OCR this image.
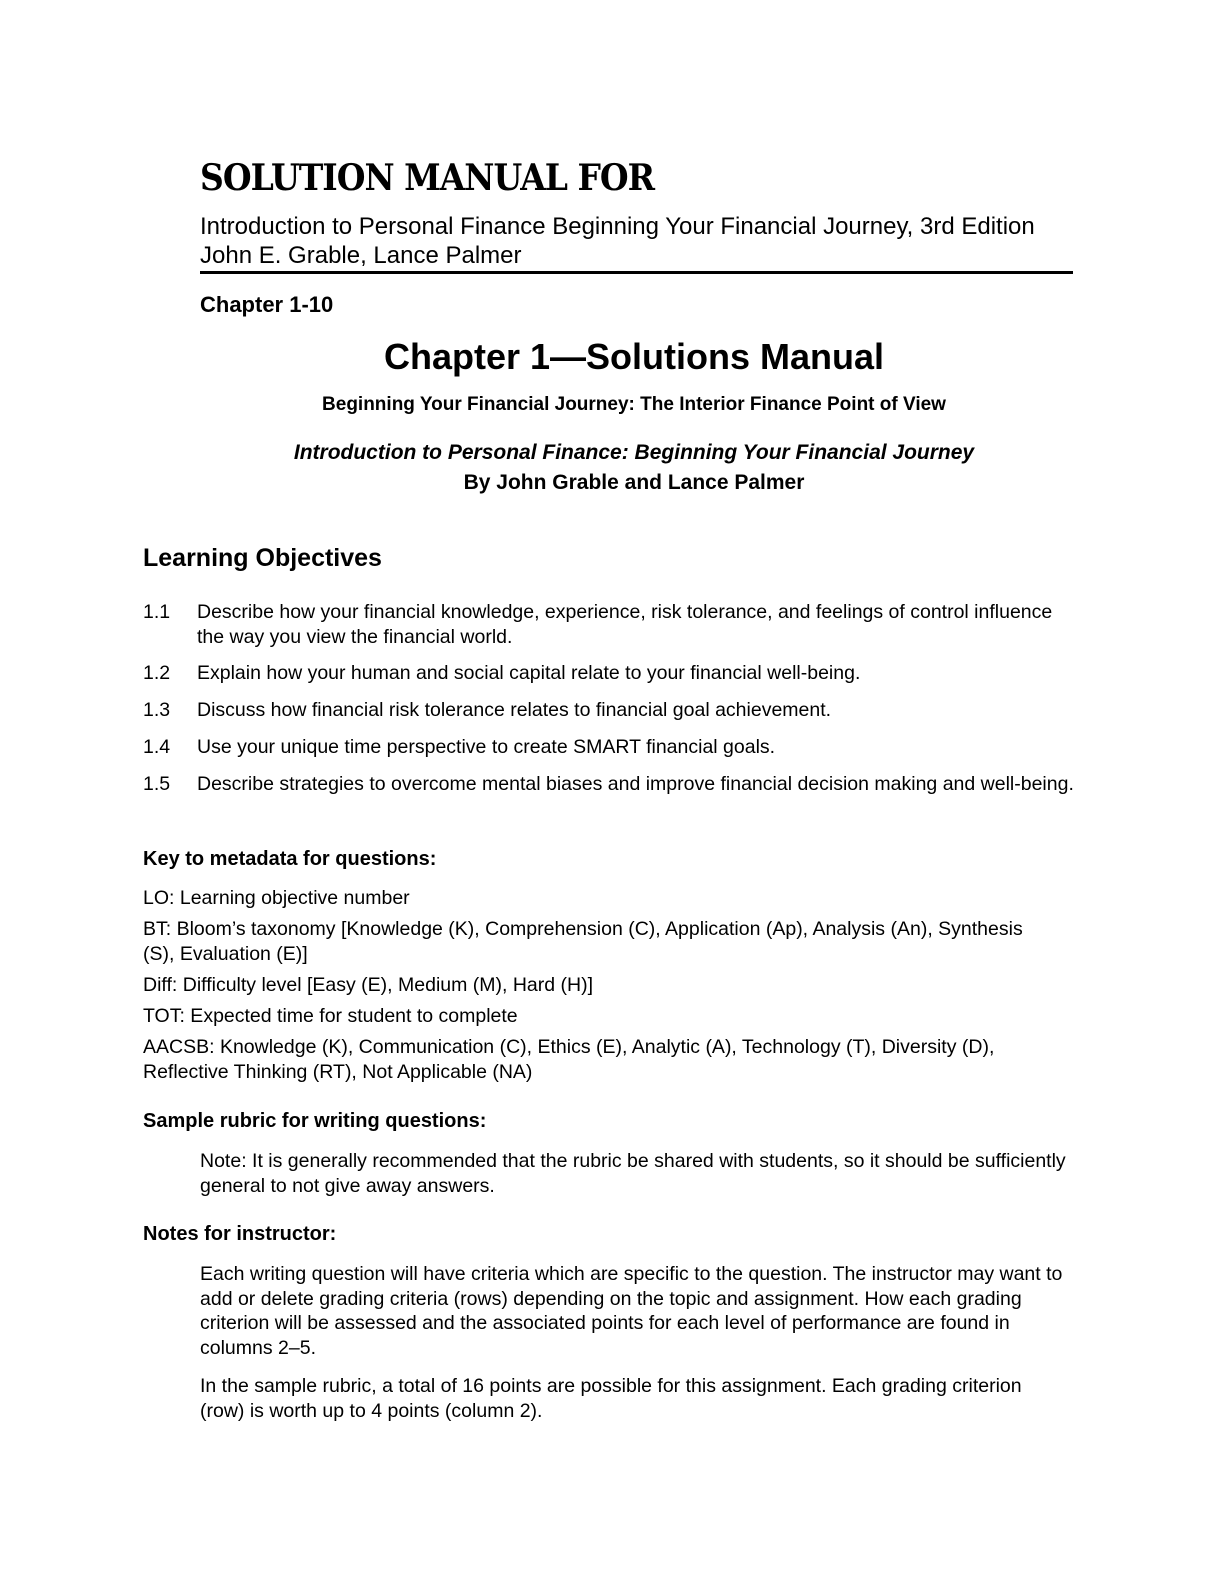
SOLUTION MANUAL FOR

Introduction to Personal Finance Beginning Your Financial Journey, 3rd Edition John E. Grable, Lance Palmer

Chapter 1-10
Chapter 1—Solutions Manual
Beginning Your Financial Journey: The Interior Finance Point of View
Introduction to Personal Finance: Beginning Your Financial Journey
By John Grable and Lance Palmer
Learning Objectives
1.1 Describe how your financial knowledge, experience, risk tolerance, and feelings of control influence the way you view the financial world.
1.2 Explain how your human and social capital relate to your financial well-being.
1.3 Discuss how financial risk tolerance relates to financial goal achievement.
1.4 Use your unique time perspective to create SMART financial goals.
1.5 Describe strategies to overcome mental biases and improve financial decision making and well-being.
Key to metadata for questions:
LO: Learning objective number
BT: Bloom’s taxonomy [Knowledge (K), Comprehension (C), Application (Ap), Analysis (An), Synthesis (S), Evaluation (E)]
Diff: Difficulty level [Easy (E), Medium (M), Hard (H)]
TOT: Expected time for student to complete
AACSB: Knowledge (K), Communication (C), Ethics (E), Analytic (A), Technology (T), Diversity (D), Reflective Thinking (RT), Not Applicable (NA)
Sample rubric for writing questions:
Note: It is generally recommended that the rubric be shared with students, so it should be sufficiently general to not give away answers.
Notes for instructor:
Each writing question will have criteria which are specific to the question. The instructor may want to add or delete grading criteria (rows) depending on the topic and assignment. How each grading criterion will be assessed and the associated points for each level of performance are found in columns 2–5.
In the sample rubric, a total of 16 points are possible for this assignment. Each grading criterion (row) is worth up to 4 points (column 2).
